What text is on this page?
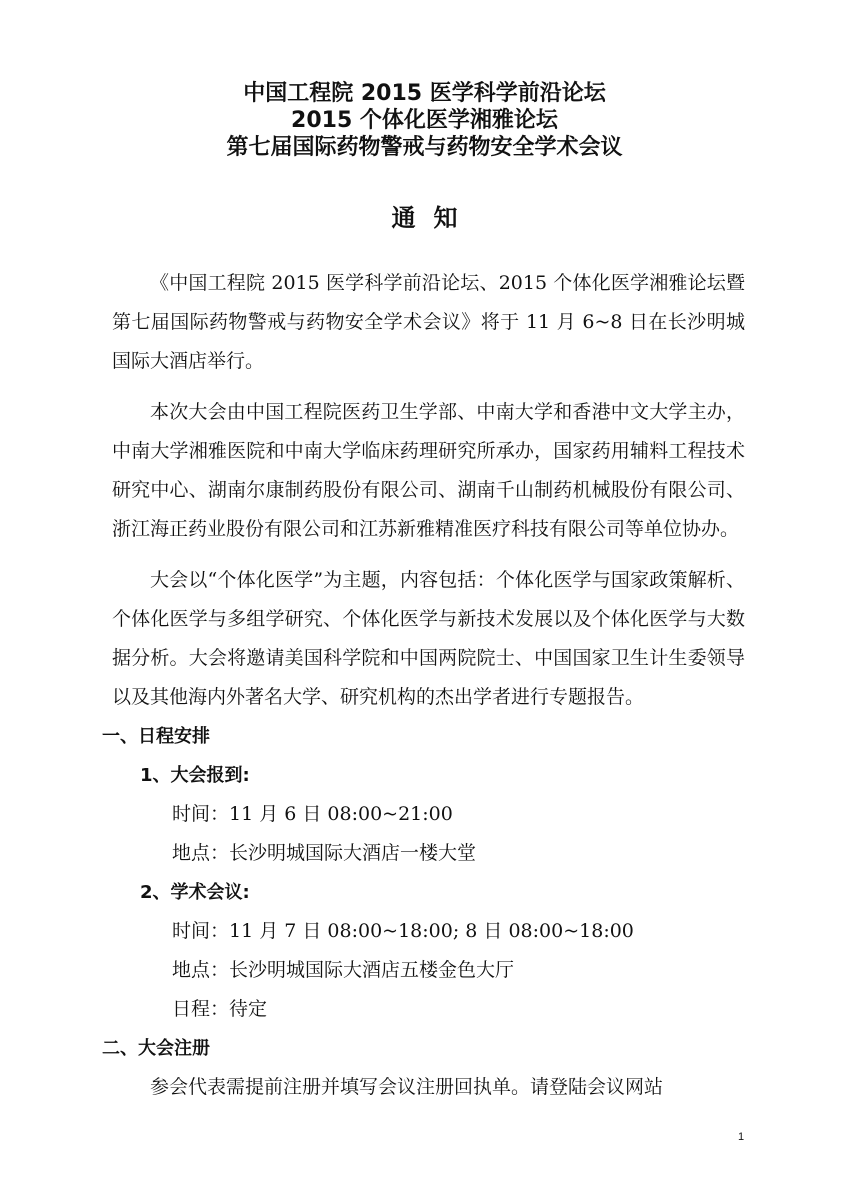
中国工程院 2015 医学科学前沿论坛
2015 个体化医学湘雅论坛
第七届国际药物警戒与药物安全学术会议
通知

《中国工程院 2015 医学科学前沿论坛、2015 个体化医学湘雅论坛暨第七届国际药物警戒与药物安全学术会议》将于 11 月 6~8 日在长沙明城国际大酒店举行。

本次大会由中国工程院医药卫生学部、中南大学和香港中文大学主办，中南大学湘雅医院和中南大学临床药理研究所承办，国家药用辅料工程技术研究中心、湖南尔康制药股份有限公司、湖南千山制药机械股份有限公司、浙江海正药业股份有限公司和江苏新雅精准医疗科技有限公司等单位协办。

大会以“个体化医学”为主题，内容包括：个体化医学与国家政策解析、个体化医学与多组学研究、个体化医学与新技术发展以及个体化医学与大数据分析。大会将邀请美国科学院和中国两院院士、中国国家卫生计生委领导以及其他海内外著名大学、研究机构的杰出学者进行专题报告。

一、日程安排
1、大会报到:
时间：11 月 6 日 08:00~21:00
地点：长沙明城国际大酒店一楼大堂
2、学术会议:
时间：11 月 7 日 08:00~18:00; 8 日 08:00~18:00
地点：长沙明城国际大酒店五楼金色大厅
日程：待定
二、大会注册

参会代表需提前注册并填写会议注册回执单。请登陆会议网站

1
